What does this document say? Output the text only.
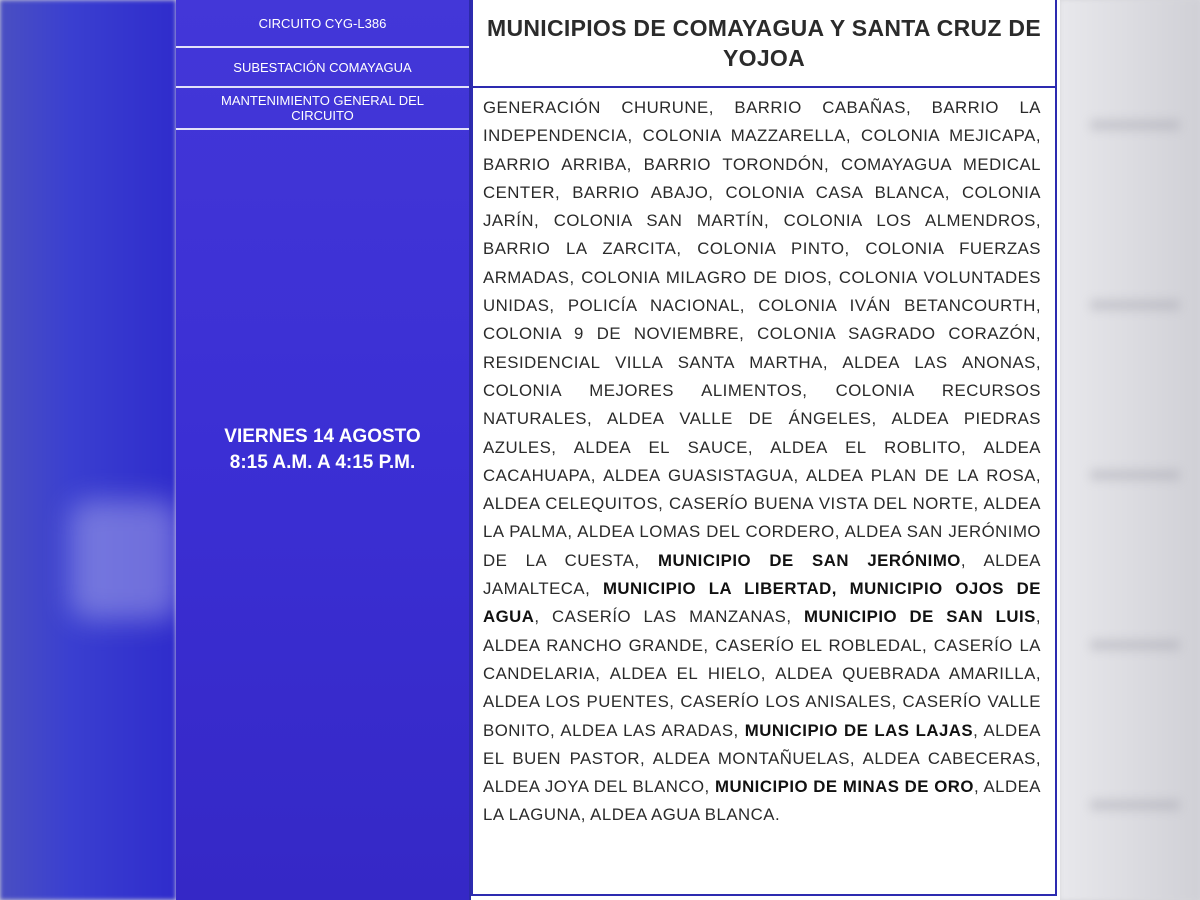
CIRCUITO CYG-L386
SUBESTACIÓN COMAYAGUA
MANTENIMIENTO GENERAL DEL CIRCUITO
VIERNES 14 AGOSTO
8:15 A.M. A 4:15 P.M.
MUNICIPIOS DE COMAYAGUA Y SANTA CRUZ DE YOJOA

GENERACIÓN CHURUNE, BARRIO CABAÑAS, BARRIO LA INDEPENDENCIA, COLONIA MAZZARELLA, COLONIA MEJICAPA, BARRIO ARRIBA, BARRIO TORONDÓN, COMAYAGUA MEDICAL CENTER, BARRIO ABAJO, COLONIA CASA BLANCA, COLONIA JARÍN, COLONIA SAN MARTÍN, COLONIA LOS ALMENDROS, BARRIO LA ZARCITA, COLONIA PINTO, COLONIA FUERZAS ARMADAS, COLONIA MILAGRO DE DIOS, COLONIA VOLUNTADES UNIDAS, POLICÍA NACIONAL, COLONIA IVÁN BETANCOURTH, COLONIA 9 DE NOVIEMBRE, COLONIA SAGRADO CORAZÓN, RESIDENCIAL VILLA SANTA MARTHA, ALDEA LAS ANONAS, COLONIA MEJORES ALIMENTOS, COLONIA RECURSOS NATURALES, ALDEA VALLE DE ÁNGELES, ALDEA PIEDRAS AZULES, ALDEA EL SAUCE, ALDEA EL ROBLITO, ALDEA CACAHUAPA, ALDEA GUASISTAGUA, ALDEA PLAN DE LA ROSA, ALDEA CELEQUITOS, CASERÍO BUENA VISTA DEL NORTE, ALDEA LA PALMA, ALDEA LOMAS DEL CORDERO, ALDEA SAN JERÓNIMO DE LA CUESTA, MUNICIPIO DE SAN JERÓNIMO, ALDEA JAMALTECA, MUNICIPIO LA LIBERTAD, MUNICIPIO OJOS DE AGUA, CASERÍO LAS MANZANAS, MUNICIPIO DE SAN LUIS, ALDEA RANCHO GRANDE, CASERÍO EL ROBLEDAL, CASERÍO LA CANDELARIA, ALDEA EL HIELO, ALDEA QUEBRADA AMARILLA, ALDEA LOS PUENTES, CASERÍO LOS ANISALES, CASERÍO VALLE BONITO, ALDEA LAS ARADAS, MUNICIPIO DE LAS LAJAS, ALDEA EL BUEN PASTOR, ALDEA MONTAÑUELAS, ALDEA CABECERAS, ALDEA JOYA DEL BLANCO, MUNICIPIO DE MINAS DE ORO, ALDEA LA LAGUNA, ALDEA AGUA BLANCA.
